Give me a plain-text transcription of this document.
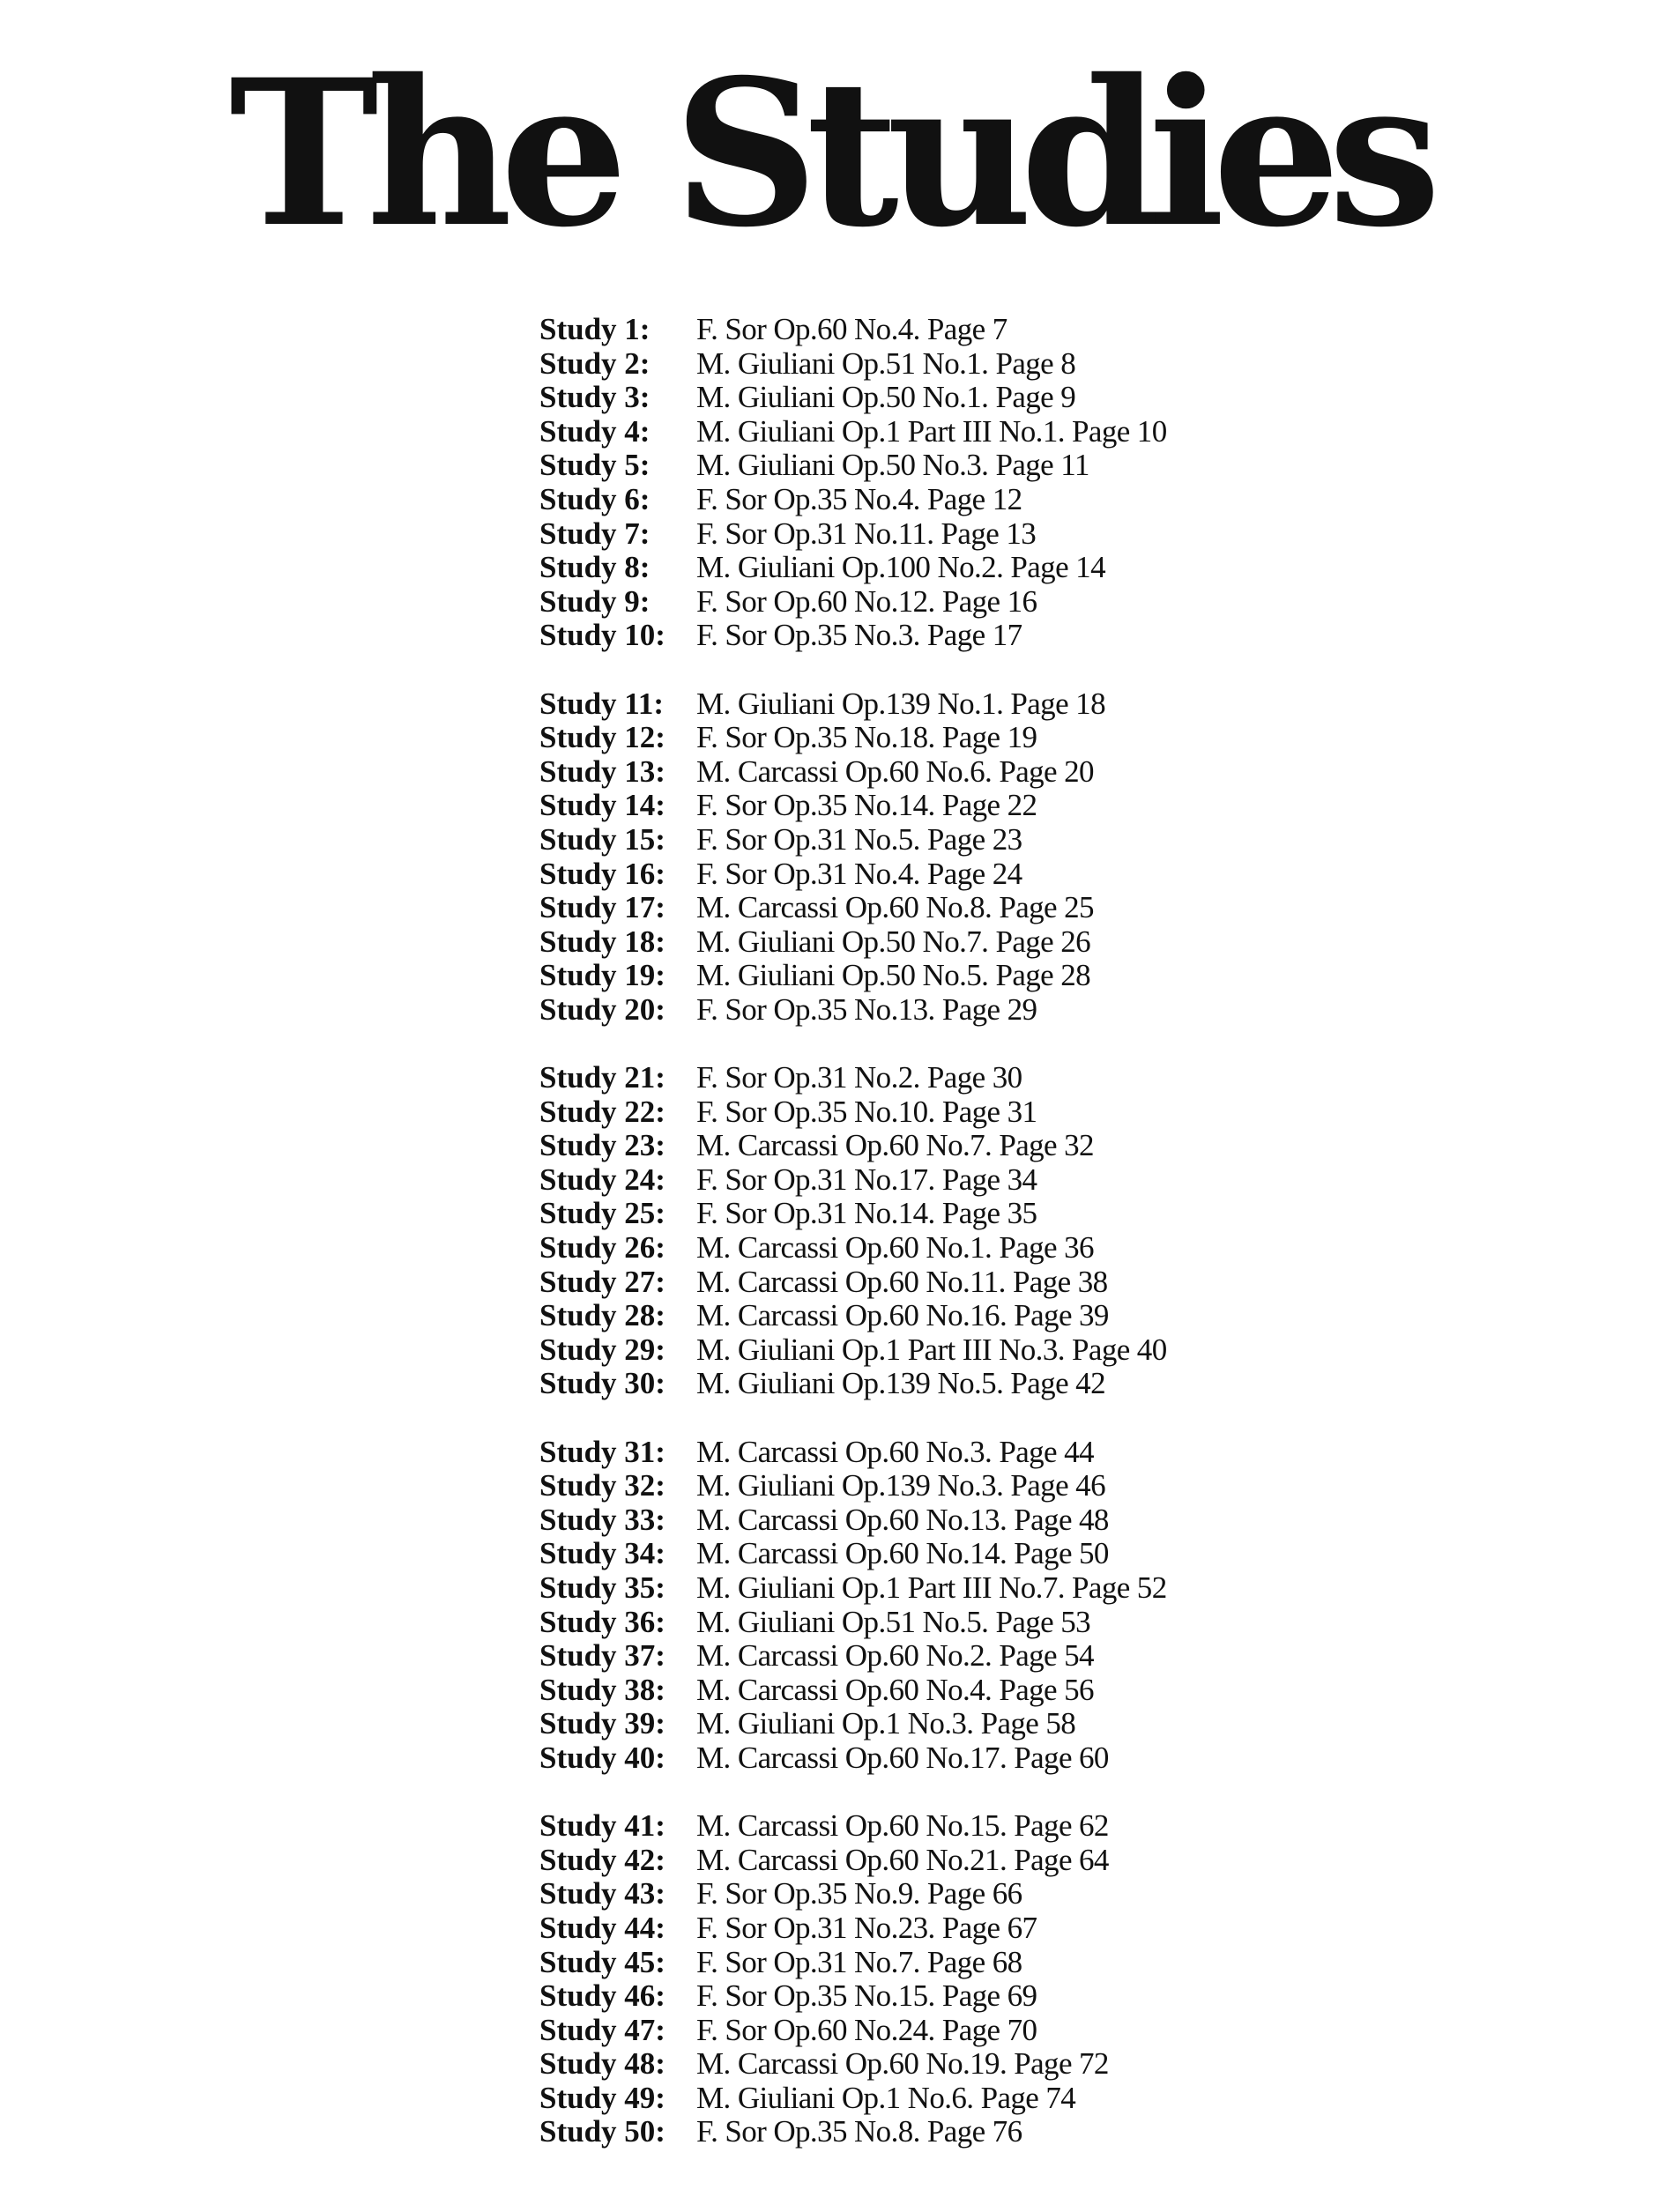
The Studies
Study 1:	F. Sor Op.60 No.4. Page 7
Study 2:	M. Giuliani Op.51 No.1. Page 8
Study 3:	M. Giuliani Op.50 No.1. Page 9
Study 4:	M. Giuliani Op.1 Part III No.1. Page 10
Study 5:	M. Giuliani Op.50 No.3. Page 11
Study 6:	F. Sor Op.35 No.4. Page 12
Study 7:	F. Sor Op.31 No.11. Page 13
Study 8:	M. Giuliani Op.100 No.2. Page 14
Study 9:	F. Sor Op.60 No.12. Page 16
Study 10:	F. Sor Op.35 No.3. Page 17
Study 11:	M. Giuliani Op.139 No.1. Page 18
Study 12:	F. Sor Op.35 No.18. Page 19
Study 13:	M. Carcassi Op.60 No.6. Page 20
Study 14:	F. Sor Op.35 No.14. Page 22
Study 15:	F. Sor Op.31 No.5. Page 23
Study 16:	F. Sor Op.31 No.4. Page 24
Study 17:	M. Carcassi Op.60 No.8. Page 25
Study 18:	M. Giuliani Op.50 No.7. Page 26
Study 19:	M. Giuliani Op.50 No.5. Page 28
Study 20:	F. Sor Op.35 No.13. Page 29
Study 21:	F. Sor Op.31 No.2. Page 30
Study 22:	F. Sor Op.35 No.10. Page 31
Study 23:	M. Carcassi Op.60 No.7. Page 32
Study 24:	F. Sor Op.31 No.17. Page 34
Study 25:	F. Sor Op.31 No.14. Page 35
Study 26:	M. Carcassi Op.60 No.1. Page 36
Study 27:	M. Carcassi Op.60 No.11. Page 38
Study 28:	M. Carcassi Op.60 No.16. Page 39
Study 29:	M. Giuliani Op.1 Part III No.3. Page 40
Study 30:	M. Giuliani Op.139 No.5. Page 42
Study 31:	M. Carcassi Op.60 No.3. Page 44
Study 32:	M. Giuliani Op.139 No.3. Page 46
Study 33:	M. Carcassi Op.60 No.13. Page 48
Study 34:	M. Carcassi Op.60 No.14. Page 50
Study 35:	M. Giuliani Op.1 Part III No.7. Page 52
Study 36:	M. Giuliani Op.51 No.5. Page 53
Study 37:	M. Carcassi Op.60 No.2. Page 54
Study 38:	M. Carcassi Op.60 No.4. Page 56
Study 39:	M. Giuliani Op.1 No.3. Page 58
Study 40:	M. Carcassi Op.60 No.17. Page 60
Study 41:	M. Carcassi Op.60 No.15. Page 62
Study 42:	M. Carcassi Op.60 No.21. Page 64
Study 43:	F. Sor Op.35 No.9. Page 66
Study 44:	F. Sor Op.31 No.23. Page 67
Study 45:	F. Sor Op.31 No.7. Page 68
Study 46:	F. Sor Op.35 No.15. Page 69
Study 47:	F. Sor Op.60 No.24. Page 70
Study 48:	M. Carcassi Op.60 No.19. Page 72
Study 49:	M. Giuliani Op.1 No.6. Page 74
Study 50:	F. Sor Op.35 No.8. Page 76
